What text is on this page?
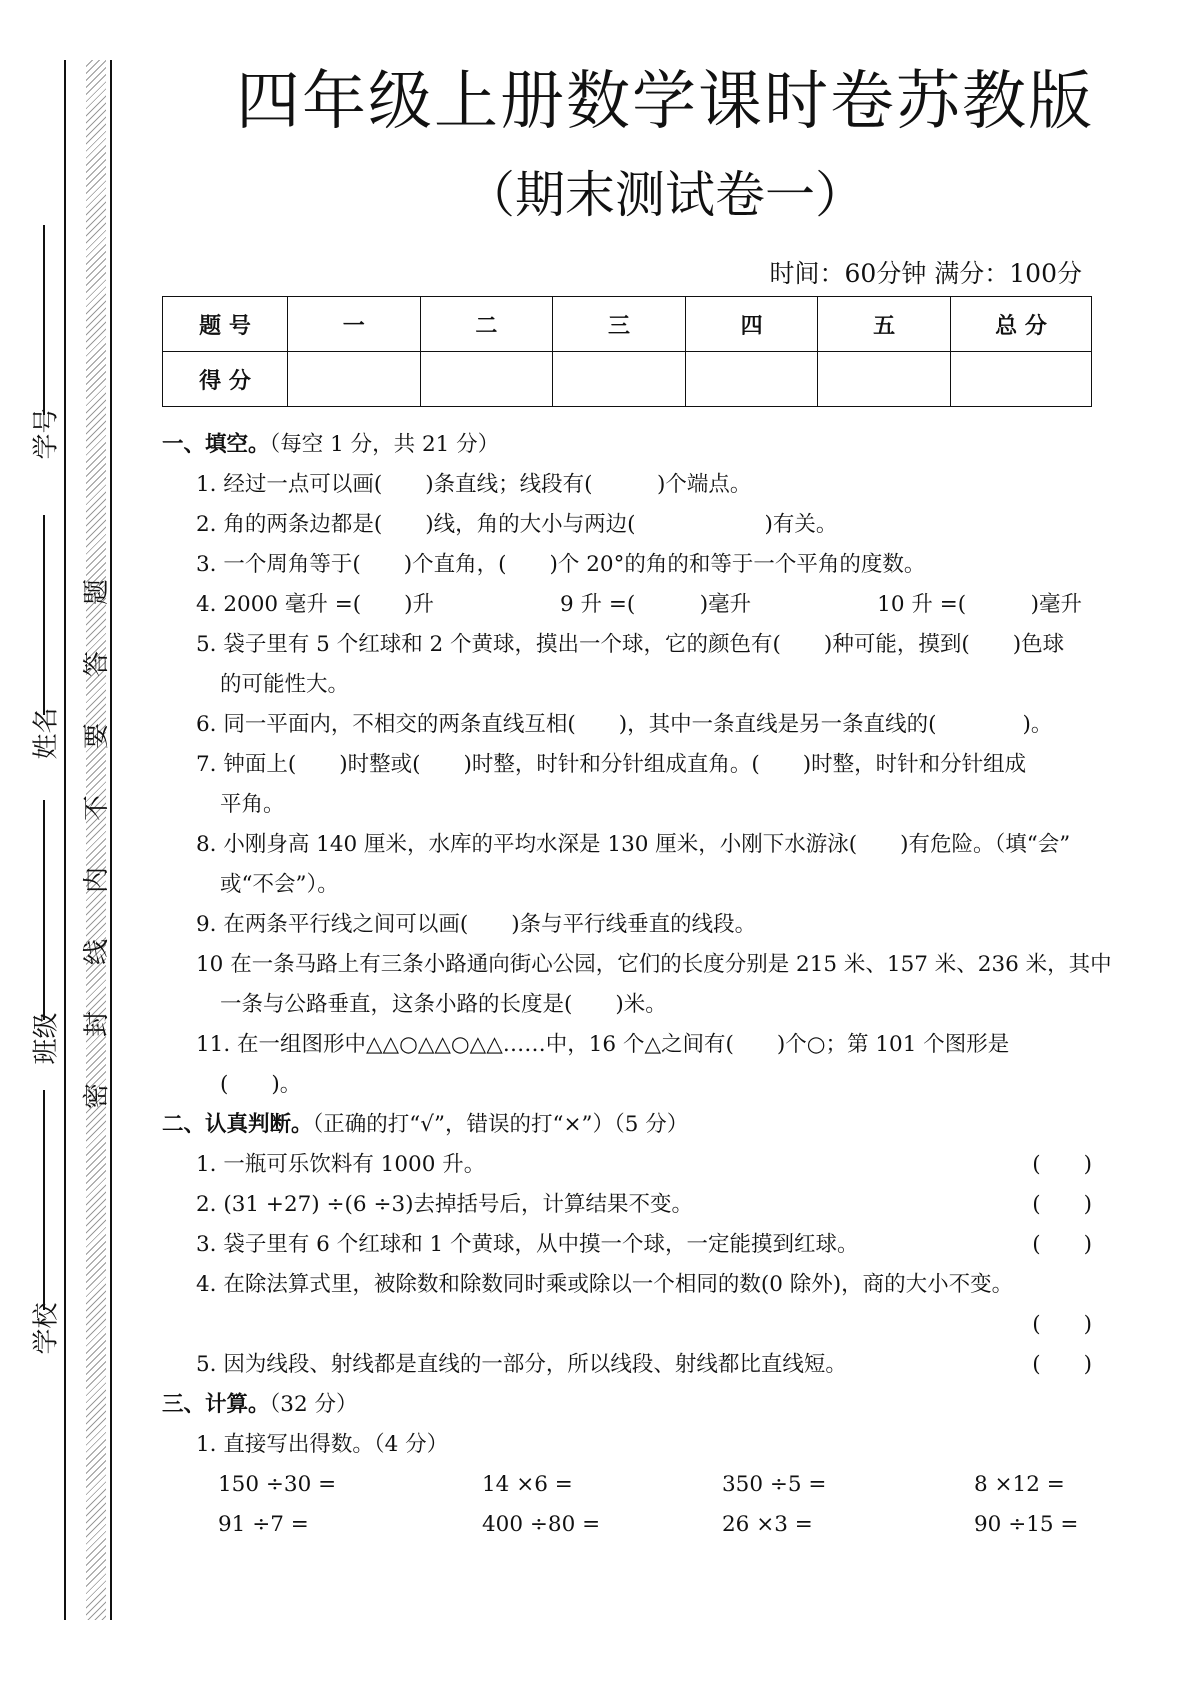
学号
姓名
班级
学校
题
答
要
不
内
线
封
密
四年级上册数学课时卷苏教版
（期末测试卷一）
时间：60分钟 满分：100分
题 号	一	二	三	四	五	总 分
得 分						
一、填空。（每空 1 分，共 21 分）
1. 经过一点可以画(　　)条直线；线段有(　　　)个端点。
2. 角的两条边都是(　　)线，角的大小与两边(　　　　　　)有关。
3. 一个周角等于(　　)个直角，(　　)个 20°的角的和等于一个平角的度数。
4. 2000 毫升 =(　　)升	9 升 =(　　　)毫升	10 升 =(　　　)毫升
5. 袋子里有 5 个红球和 2 个黄球，摸出一个球，它的颜色有(　　)种可能，摸到(　　)色球
的可能性大。
6. 同一平面内，不相交的两条直线互相(　　)，其中一条直线是另一条直线的(　　　　)。
7. 钟面上(　　)时整或(　　)时整，时针和分针组成直角。(　　)时整，时针和分针组成
平角。
8. 小刚身高 140 厘米，水库的平均水深是 130 厘米，小刚下水游泳(　　)有危险。（填“会”
或“不会”）。
9. 在两条平行线之间可以画(　　)条与平行线垂直的线段。
10 在一条马路上有三条小路通向街心公园，它们的长度分别是 215 米、157 米、236 米，其中
一条与公路垂直，这条小路的长度是(　　)米。
11. 在一组图形中△△○△△○△△……中，16 个△之间有(　　)个○；第 101 个图形是
(　　)。
二、认真判断。（正确的打“√”，错误的打“×”）（5 分）
1. 一瓶可乐饮料有 1000 升。	(　　)
2. (31 +27) ÷(6 ÷3)去掉括号后，计算结果不变。	(　　)
3. 袋子里有 6 个红球和 1 个黄球，从中摸一个球，一定能摸到红球。	(　　)
4. 在除法算式里，被除数和除数同时乘或除以一个相同的数(0 除外)，商的大小不变。
(　　)
5. 因为线段、射线都是直线的一部分，所以线段、射线都比直线短。	(　　)
三、计算。（32 分）
1. 直接写出得数。（4 分）
150 ÷30 =	14 ×6 =	350 ÷5 =	8 ×12 =
91 ÷7 =	400 ÷80 =	26 ×3 =	90 ÷15 =
